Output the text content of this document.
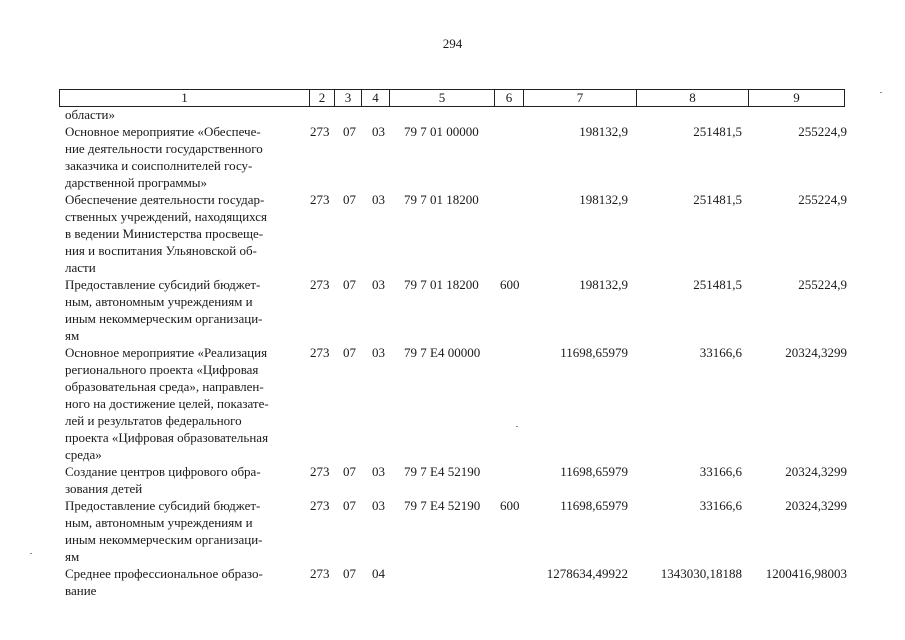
294
1	2	3	4	5	6	7	8	9
области»
Основное мероприятие «Обеспече-
ние деятельности государственного
заказчика и соисполнителей госу-
дарственной программы»
273	07	03	79 7 01 00000	198132,9	251481,5	255224,9
Обеспечение деятельности государ-
ственных учреждений, находящихся
в ведении Министерства просвеще-
ния и воспитания Ульяновской об-
ласти
273	07	03	79 7 01 18200	198132,9	251481,5	255224,9
Предоставление субсидий бюджет-
ным, автономным учреждениям и
иным некоммерческим организаци-
ям
273	07	03	79 7 01 18200	600	198132,9	251481,5	255224,9
Основное мероприятие «Реализация
регионального проекта «Цифровая
образовательная среда», направлен-
ного на достижение целей, показате-
лей и результатов федерального
проекта «Цифровая образовательная
среда»
273	07	03	79 7 E4 00000	11698,65979	33166,6	20324,3299
Создание центров цифрового обра-
зования детей
273	07	03	79 7 E4 52190	11698,65979	33166,6	20324,3299
Предоставление субсидий бюджет-
ным, автономным учреждениям и
иным некоммерческим организаци-
ям
273	07	03	79 7 E4 52190	600	11698,65979	33166,6	20324,3299
Среднее профессиональное образо-
вание
273	07	04	1278634,49922	1343030,18188	1200416,98003
